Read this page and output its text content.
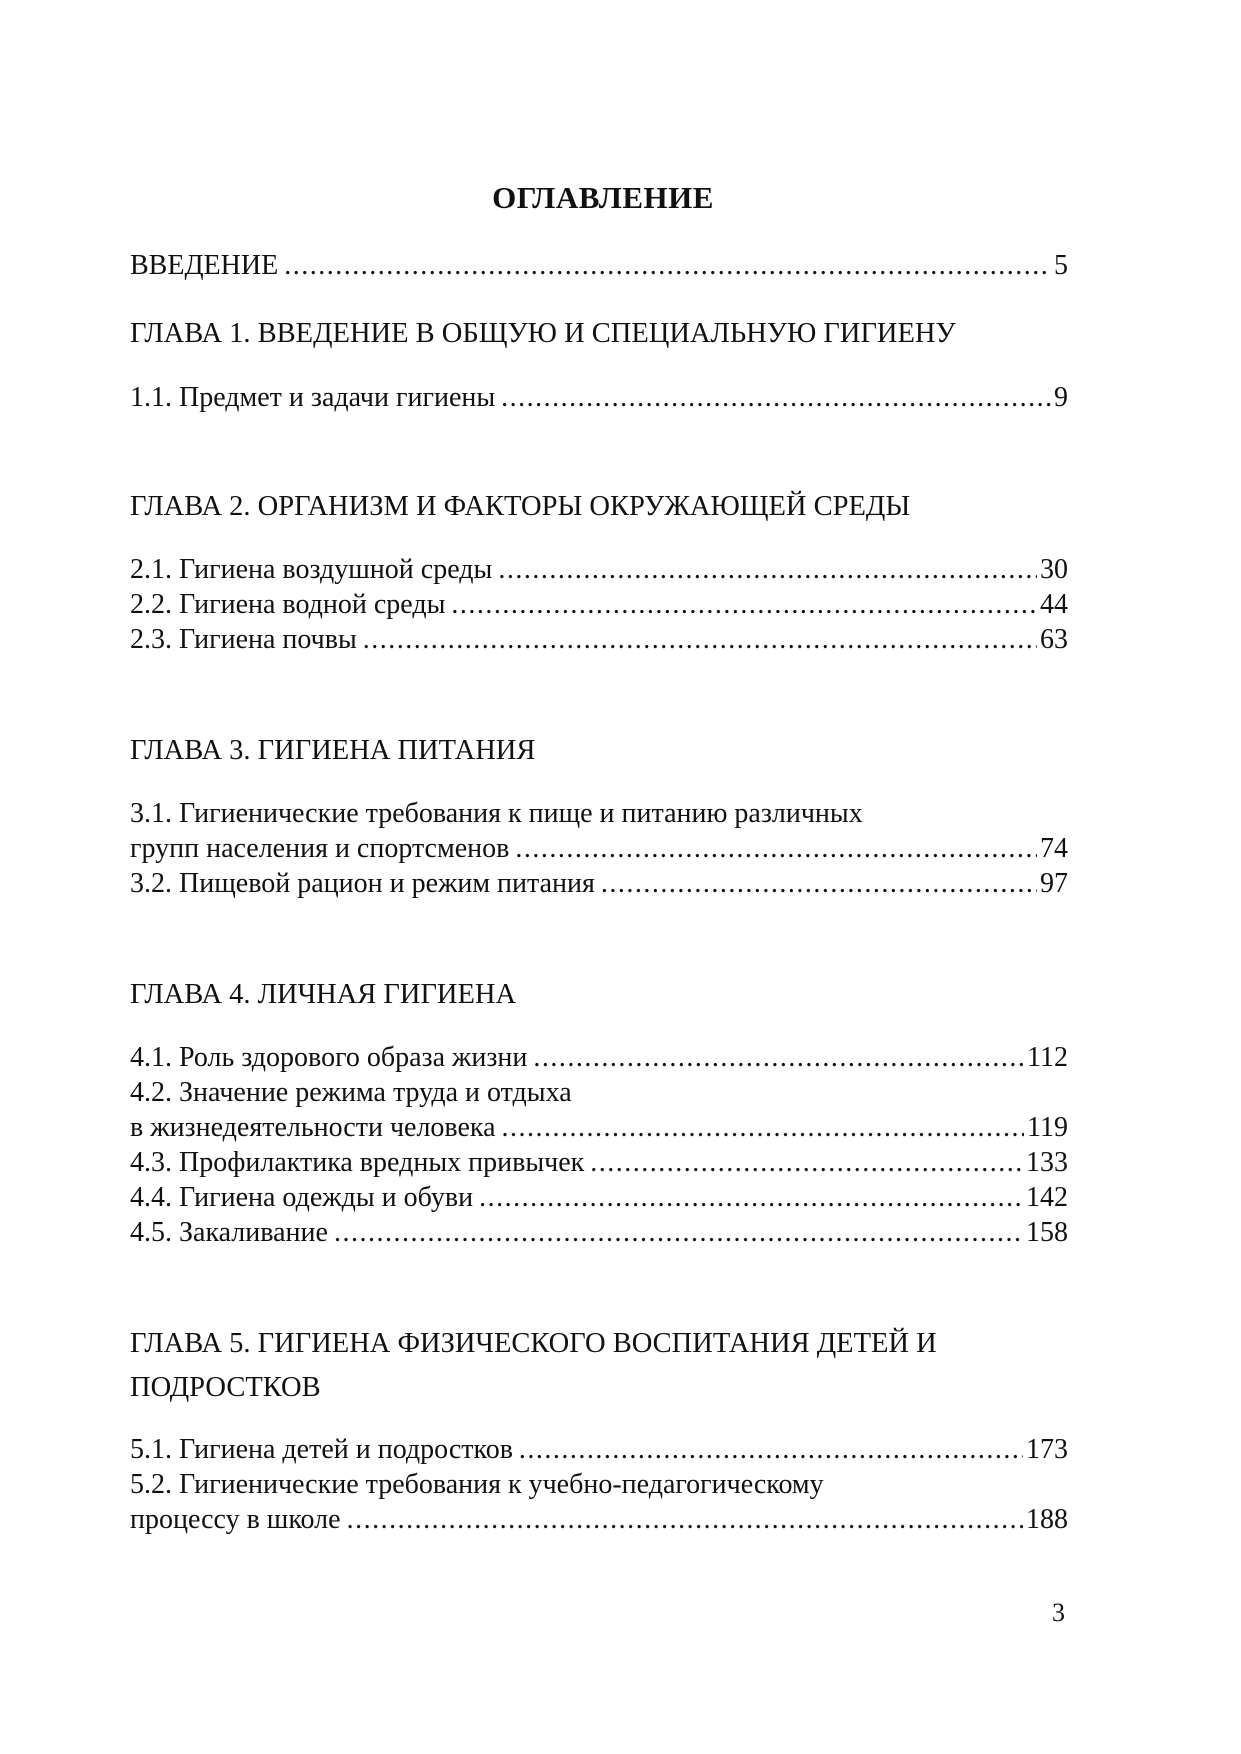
ОГЛАВЛЕНИЕ
ВВЕДЕНИЕ .....	5
ГЛАВА 1. ВВЕДЕНИЕ В ОБЩУЮ И СПЕЦИАЛЬНУЮ ГИГИЕНУ
1.1. Предмет и задачи гигиены .....	9
ГЛАВА 2. ОРГАНИЗМ И ФАКТОРЫ ОКРУЖАЮЩЕЙ СРЕДЫ
2.1. Гигиена воздушной среды .....	30
2.2. Гигиена водной среды .....	44
2.3. Гигиена почвы .....	63
ГЛАВА 3. ГИГИЕНА ПИТАНИЯ
3.1. Гигиенические требования к пище и питанию различных
групп населения и спортсменов .....	74
3.2. Пищевой рацион и режим питания .....	97
ГЛАВА 4. ЛИЧНАЯ ГИГИЕНА
4.1. Роль здорового образа жизни .....	112
4.2. Значение режима труда и отдыха
в жизнедеятельности человека .....	119
4.3. Профилактика вредных привычек .....	133
4.4. Гигиена одежды и обуви .....	142
4.5. Закаливание .....	158
ГЛАВА 5. ГИГИЕНА ФИЗИЧЕСКОГО ВОСПИТАНИЯ ДЕТЕЙ И ПОДРОСТКОВ
5.1. Гигиена детей и подростков .....	173
5.2. Гигиенические требования к учебно-педагогическому
процессу в школе .....	188
3
